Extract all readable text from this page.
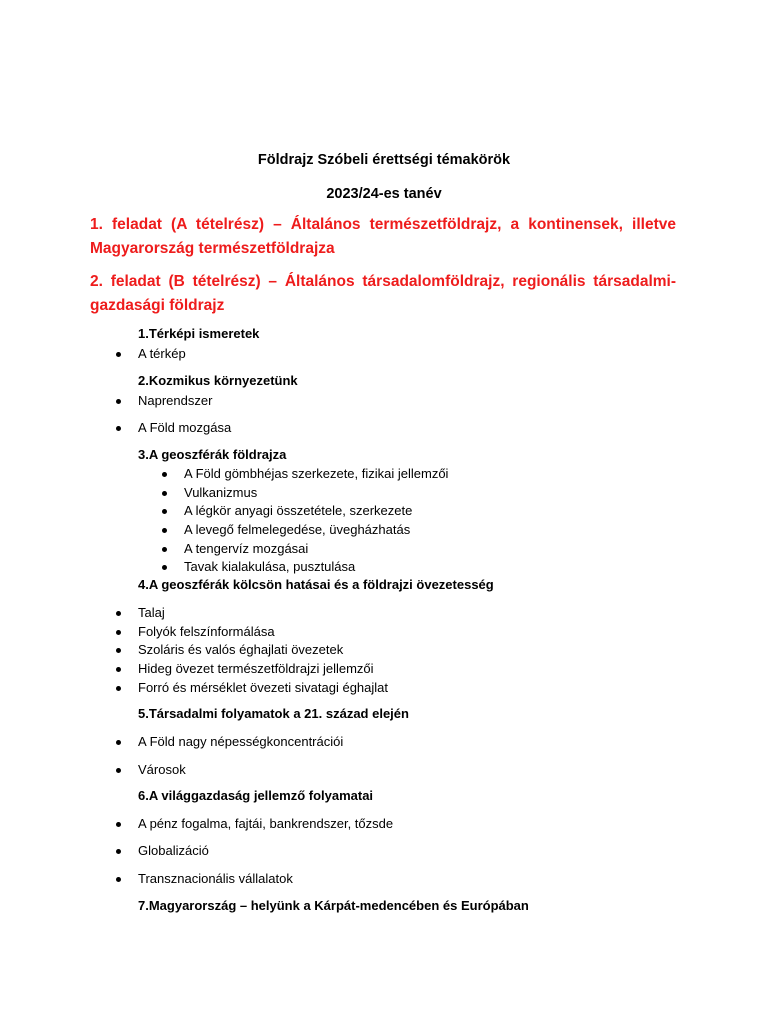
Földrajz Szóbeli érettségi témakörök
2023/24-es tanév
1. feladat (A tételrész) – Általános természetföldrajz, a kontinensek, illetve
Magyarország természetföldrajza
2. feladat (B tételrész) – Általános társadalomföldrajz, regionális társadalmi-
gazdasági földrajz
1.Térképi ismeretek
A térkép
2.Kozmikus környezetünk
Naprendszer
A Föld mozgása
3.A geoszférák földrajza
A Föld gömbhéjas szerkezete, fizikai jellemzői
Vulkanizmus
A légkör anyagi összetétele, szerkezete
A levegő felmelegedése, üvegházhatás
A tengervíz mozgásai
Tavak kialakulása, pusztulása
4.A geoszférák kölcsön hatásai és a földrajzi övezetesség
Talaj
Folyók felszínformálása
Szoláris és valós éghajlati övezetek
Hideg övezet természetföldrajzi jellemzői
Forró és mérséklet övezeti sivatagi éghajlat
5.Társadalmi folyamatok a 21. század elején
A Föld nagy népességkoncentrációi
Városok
6.A világgazdaság jellemző folyamatai
A pénz fogalma, fajtái, bankrendszer, tőzsde
Globalizáció
Transznacionális vállalatok
7.Magyarország – helyünk a Kárpát-medencében és Európában
